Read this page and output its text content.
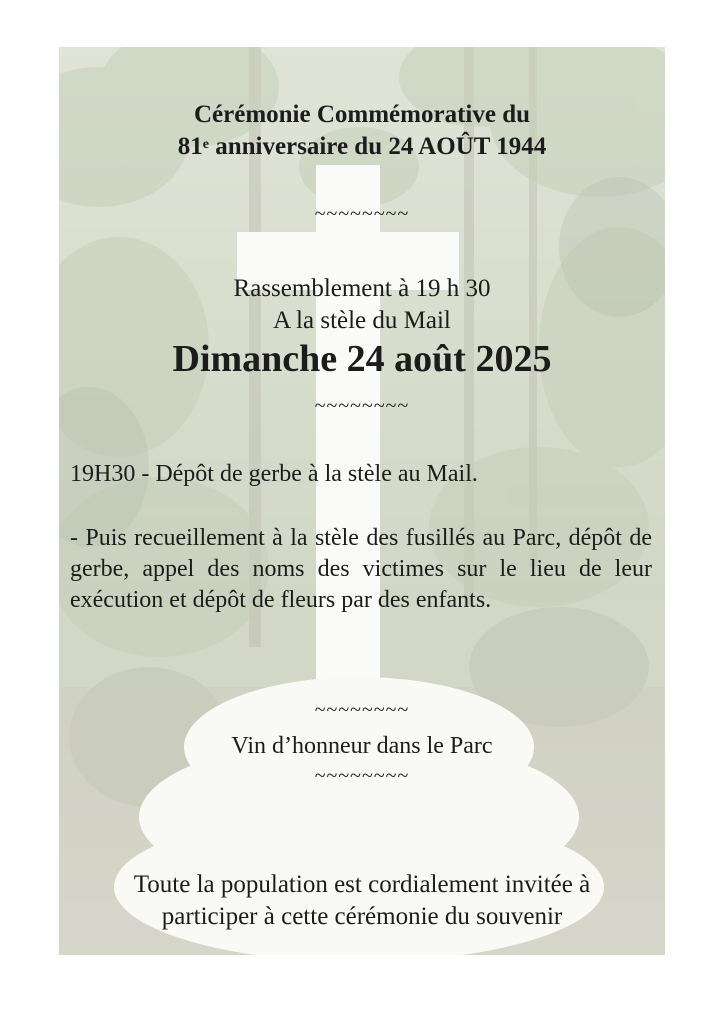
Cérémonie Commémorative du
81e anniversaire du 24 AOÛT 1944
~~~~~~~~
Rassemblement à 19 h 30
A la stèle du Mail
Dimanche 24 août 2025
~~~~~~~~
19H30 - Dépôt de gerbe à la stèle au Mail.
- Puis recueillement à la stèle des fusillés au Parc, dépôt de gerbe, appel des noms des victimes sur le lieu de leur exécution et dépôt de fleurs par des enfants.
~~~~~~~~
Vin d’honneur dans le Parc
~~~~~~~~
Toute la population est cordialement invitée à
participer à cette cérémonie du souvenir
